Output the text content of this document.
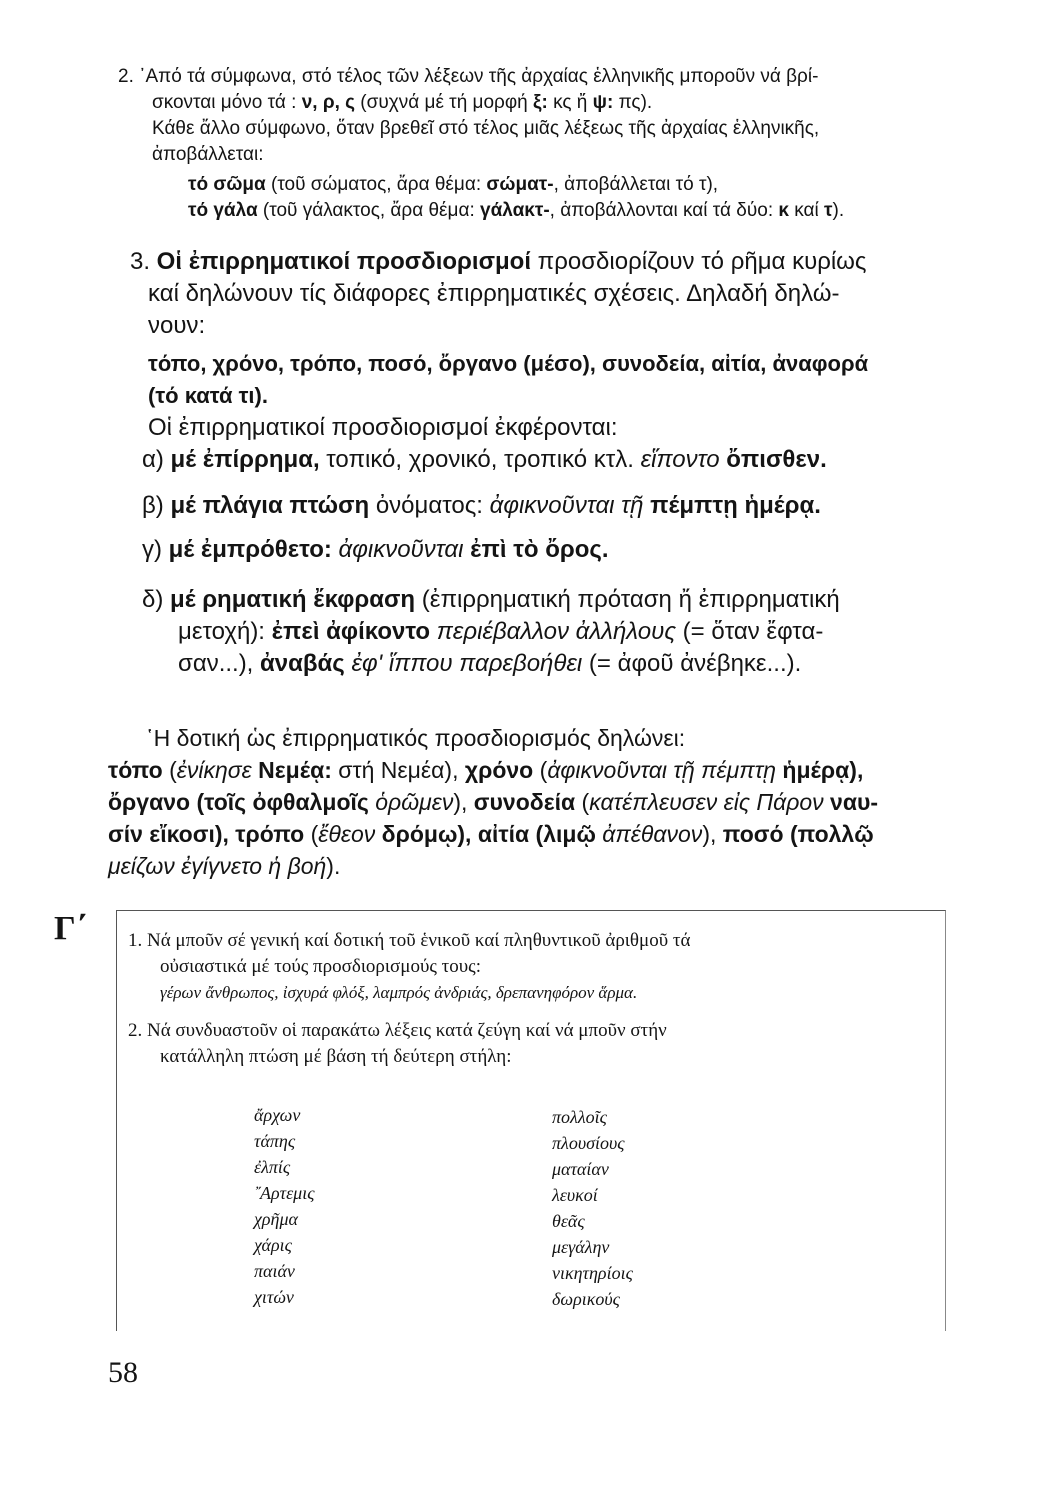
2. ᾿Από τά σύμφωνα, στό τέλος τῶν λέξεων τῆς ἀρχαίας ἑλληνικῆς μποροῦν νά βρί-
σκονται μόνο τά : ν, ρ, ς (συχνά μέ τή μορφή ξ: κς ἤ ψ: πς).
Κάθε ἄλλο σύμφωνο, ὅταν βρεθεῖ στό τέλος μιᾶς λέξεως τῆς ἀρχαίας ἑλληνικῆς,
ἀποβάλλεται:
τό σῶμα (τοῦ σώματος, ἄρα θέμα: σώματ-, ἀποβάλλεται τό τ),
τό γάλα (τοῦ γάλακτος, ἄρα θέμα: γάλακτ-, ἀποβάλλονται καί τά δύο: κ καί τ).
3. Οἱ ἐπιρρηματικοί προσδιορισμοί προσδιορίζουν τό ρῆμα κυρίως
καί δηλώνουν τίς διάφορες ἐπιρρηματικές σχέσεις. Δηλαδή δηλώ-
νουν:
τόπο, χρόνο, τρόπο, ποσό, ὄργανο (μέσο), συνοδεία, αἰτία, ἀναφορά
(τό κατά τι).
Οἱ ἐπιρρηματικοί προσδιορισμοί ἐκφέρονται:
α) μέ ἐπίρρημα, τοπικό, χρονικό, τροπικό κτλ. εἵποντο ὄπισθεν.
β) μέ πλάγια πτώση ὀνόματος: ἀφικνοῦνται τῇ πέμπτῃ ἡμέρᾳ.
γ) μέ ἐμπρόθετο: ἀφικνοῦνται ἐπὶ τὸ ὄρος.
δ) μέ ρηματική ἔκφραση (ἐπιρρηματική πρόταση ἤ ἐπιρρηματική
μετοχή): ἐπεὶ ἀφίκοντο περιέβαλλον ἀλλήλους (= ὅταν ἔφτα-
σαν...), ἀναβάς ἐφ' ἵππου παρεβοήθει (= ἀφοῦ ἀνέβηκε...).
῾Η δοτική ὡς ἐπιρρηματικός προσδιορισμός δηλώνει:
τόπο (ἐνίκησε Νεμέᾳ: στή Νεμέα), χρόνο (ἀφικνοῦνται τῇ πέμπτῃ ἡμέρᾳ),
ὄργανο (τοῖς ὀφθαλμοῖς ὁρῶμεν), συνοδεία (κατέπλευσεν εἰς Πάρον ναυ-
σίν εἴκοσι), τρόπο (ἔθεον δρόμῳ), αἰτία (λιμῷ ἀπέθανον), ποσό (πολλῷ
μείζων ἐγίγνετο ἡ βοή).
Γ΄ 1. Νά μποῦν σέ γενική καί δοτική τοῦ ἑνικοῦ καί πληθυντικοῦ ἀριθμοῦ τά
οὐσιαστικά μέ τούς προσδιορισμούς τους:
γέρων ἄνθρωπος, ἰσχυρά φλόξ, λαμπρός ἀνδριάς, δρεπανηφόρον ἅρμα.
2. Νά συνδυαστοῦν οἱ παρακάτω λέξεις κατά ζεύγη καί νά μποῦν στήν
κατάλληλη πτώση μέ βάση τή δεύτερη στήλη:
ἄρχων
τάπης
ἐλπίς
῎Αρτεμις
χρῆμα
χάρις
παιάν
χιτών
πολλοῖς
πλουσίους
ματαίαν
λευκοί
θεᾶς
μεγάλην
νικητηρίοις
δωρικούς
58
